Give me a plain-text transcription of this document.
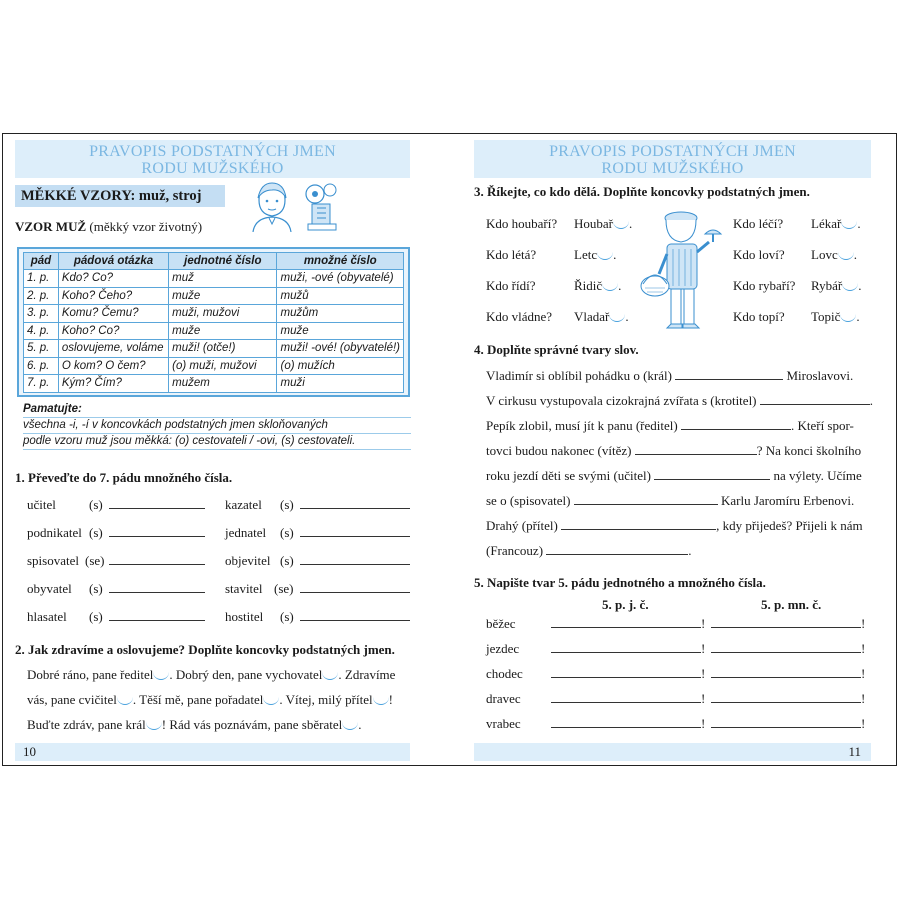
PRAVOPIS PODSTATNÝCH JMEN
RODU MUŽSKÉHO
MĚKKÉ VZORY: muž, stroj
VZOR MUŽ (měkký vzor životný)
pád	pádová otázka	jednotné číslo	množné číslo
1. p.	Kdo? Co?	muž	muži, -ové (obyvatelé)
2. p.	Koho? Čeho?	muže	mužů
3. p.	Komu? Čemu?	muži, mužovi	mužům
4. p.	Koho? Co?	muže	muže
5. p.	oslovujeme, voláme	muži! (otče!)	muži! -ové! (obyvatelé!)
6. p.	O kom? O čem?	(o) muži, mužovi	(o) mužích
7. p.	Kým? Čím?	mužem	muži
Pamatujte:
všechna -i, -í v koncovkách podstatných jmen skloňovaných
podle vzoru muž jsou měkká: (o) cestovateli / -ovi, (s) cestovateli.
1. Převeďte do 7. pádu množného čísla.
učitel	(s)	kazatel (s)
podnikatel (s)	jednatel (s)
spisovatel (se)	objevitel (s)
obyvatel (s)	stavitel (se)
hlasatel (s)	hostitel (s)
2. Jak zdravíme a oslovujeme? Doplňte koncovky podstatných jmen.
Dobré ráno, pane ředitel . Dobrý den, pane vychovatel . Zdravíme
vás, pane cvičitel . Těší mě, pane pořadatel . Vítej, milý přítel !
Buďte zdráv, pane král ! Rád vás poznávám, pane sběratel .
10
PRAVOPIS PODSTATNÝCH JMEN
RODU MUŽSKÉHO
3. Říkejte, co kdo dělá. Doplňte koncovky podstatných jmen.
Kdo houbaří? Houbař .
Kdo létá?	Letc .
Kdo řídí?	Řidič .
Kdo vládne? Vladař .
Kdo léčí? Lékař .
Kdo loví? Lovc .
Kdo rybaří? Rybář .
Kdo topí? Topič .
4. Doplňte správné tvary slov.
Vladimír si oblíbil pohádku o (král)	Miroslavovi.
V cirkusu vystupovala cizokrajná zvířata s (krotitel)	.
Pepík zlobil, musí jít k panu (ředitel)	. Kteří spor-
tovci budou nakonec (vítěz)	? Na konci školního
roku jezdí děti se svými (učitel)	na výlety. Učíme
se o (spisovatel)	Karlu Jaromíru Erbenovi.
Drahý (přítel)	, kdy přijedeš? Přijeli k nám
(Francouz)	.
5. Napište tvar 5. pádu jednotného a množného čísla.
5. p. j. č.	5. p. mn. č.
běžec	!	!
jezdec	!	!
chodec	!	!
dravec	!	!
vrabec	!	!
11
